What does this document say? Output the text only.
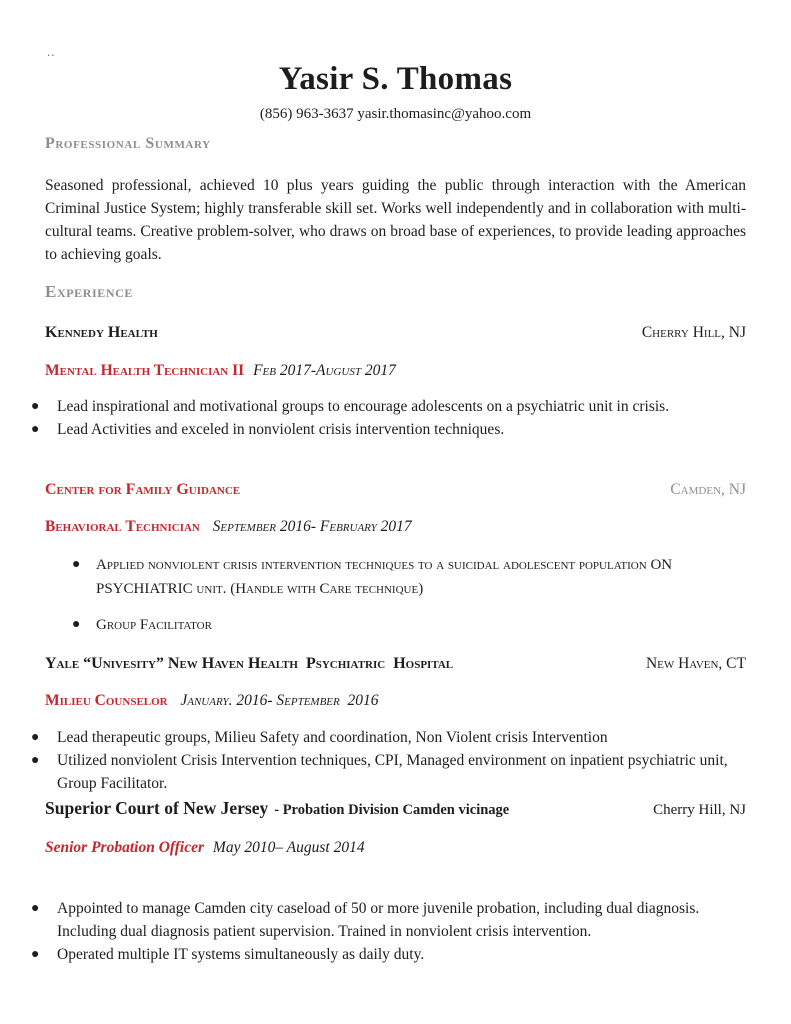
..
Yasir S. Thomas
(856) 963-3637 yasir.thomasinc@yahoo.com
Professional Summary
Seasoned professional, achieved 10 plus years guiding the public through interaction with the American Criminal Justice System; highly transferable skill set. Works well independently and in collaboration with multi-cultural teams. Creative problem-solver, who draws on broad base of experiences, to provide leading approaches to achieving goals.
Experience
Kennedy Health	Cherry Hill, NJ
Mental Health Technician II Feb 2017-August 2017
●	Lead inspirational and motivational groups to encourage adolescents on a psychiatric unit in crisis.
●	Lead Activities and exceled in nonviolent crisis intervention techniques.
Center for Family Guidance	Camden, NJ
Behavioral Technician  September 2016- February 2017
●	Applied nonviolent crisis intervention techniques to a suicidal adolescent population ON PSYCHIATRIC unit. (Handle with Care technique)
●	Group Facilitator
Yale “Univesity” New Haven Health  Psychiatric  Hospital	New Haven, CT
Milieu Counselor  January. 2016- September  2016
●	Lead therapeutic groups, Milieu Safety and coordination, Non Violent crisis Intervention
●	Utilized nonviolent Crisis Intervention techniques, CPI, Managed environment on inpatient psychiatric unit, Group Facilitator.
Superior Court of New Jersey - Probation Division Camden vicinage	Cherry Hill, NJ
Senior Probation Officer May 2010– August 2014
●	Appointed to manage Camden city caseload of 50 or more juvenile probation, including dual diagnosis. Including dual diagnosis patient supervision. Trained in nonviolent crisis intervention.
●	Operated multiple IT systems simultaneously as daily duty.
